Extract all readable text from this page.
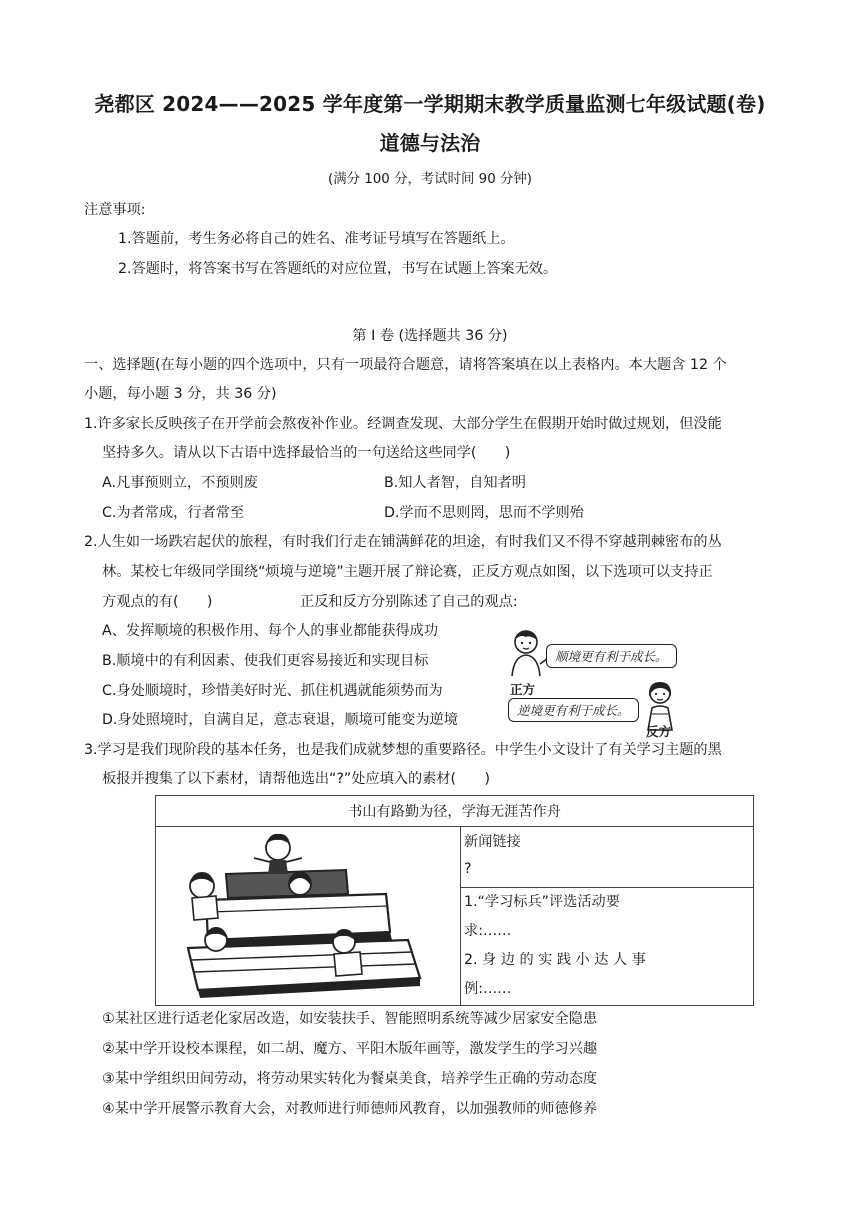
尧都区 2024——2025 学年度第一学期期末教学质量监测七年级试题(卷)
道德与法治
(满分 100 分，考试时间 90 分钟)
注意事项:
1.答题前，考生务必将自己的姓名、准考证号填写在答题纸上。
2.答题时，将答案书写在答题纸的对应位置，书写在试题上答案无效。
第 I 卷 (选择题共 36 分)
一、选择题(在每小题的四个选项中，只有一项最符合题意，请将答案填在以上表格内。本大题含 12 个
小题，每小题 3 分，共 36 分)
1.许多家长反映孩子在开学前会熬夜补作业。经调查发现、大部分学生在假期开始时做过规划，但没能
坚持多久。请从以下古语中选择最恰当的一句送给这些同学(　　)
A.凡事预则立，不预则废	B.知人者智，自知者明
C.为者常成，行者常至	D.学而不思则罔，思而不学则殆
2.人生如一场跌宕起伏的旅程，有时我们行走在铺满鲜花的坦途，有时我们又不得不穿越荆棘密布的丛
林。某校七年级同学围绕“烦境与逆境”主题开展了辩论赛，正反方观点如图，以下选项可以支持正
方观点的有(　　)	正反和反方分别陈述了自己的观点:
A、发挥顺境的积极作用、每个人的事业都能获得成功
B.顺境中的有利因素、使我们更容易接近和实现目标
C.身处顺境时，珍惜美好时光、抓住机遇就能须势而为
D.身处照境时，自满自足，意志衰退，顺境可能变为逆境
顺境更有利于成长。
正方
逆境更有利于成长。
反方
3.学习是我们现阶段的基本任务，也是我们成就梦想的重要路径。中学生小文设计了有关学习主题的黑
板报并搜集了以下素材，请帮他选出“?”处应填入的素材(　　)
书山有路勤为径，学海无涯苦作舟
新闻链接
?
1.“学习标兵”评选活动要
求:……
2. 身 边 的 实 践 小 达 人 事
例:……
①某社区进行适老化家居改造，如安装扶手、智能照明系统等减少居家安全隐患
②某中学开设校本课程，如二胡、魔方、平阳木版年画等，激发学生的学习兴趣
③某中学组织田间劳动，将劳动果实转化为餐桌美食，培养学生正确的劳动态度
④某中学开展警示教育大会，对教师进行师德师风教育，以加强教师的师德修养
